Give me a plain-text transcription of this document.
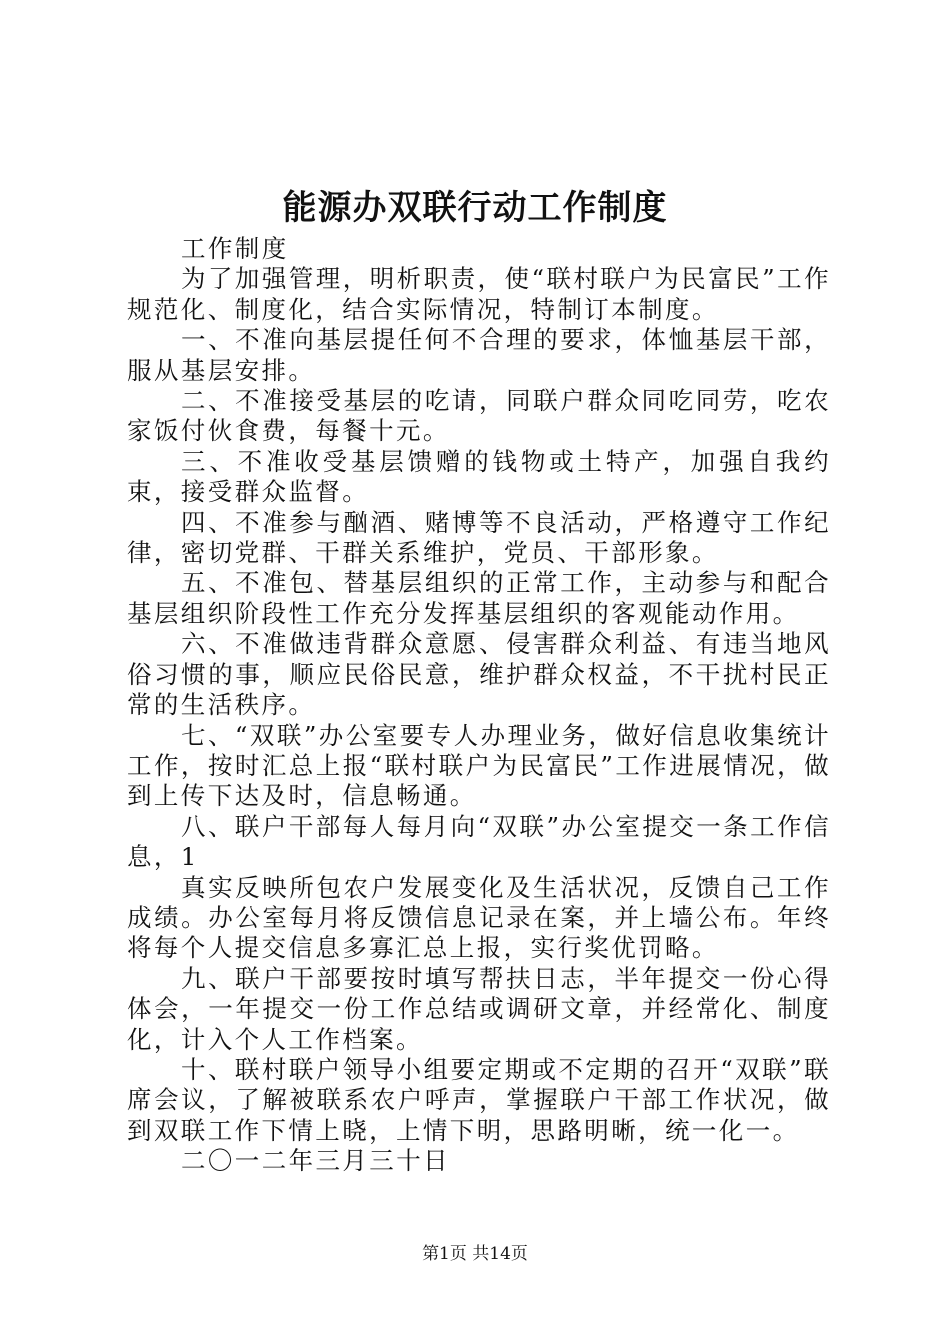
能源办双联行动工作制度

工作制度

为了加强管理，明析职责，使“联村联户为民富民”工作规范化、制度化，结合实际情况，特制订本制度。

一、不准向基层提任何不合理的要求，体恤基层干部，服从基层安排。

二、不准接受基层的吃请，同联户群众同吃同劳，吃农家饭付伙食费，每餐十元。

三、不准收受基层馈赠的钱物或土特产，加强自我约束，接受群众监督。

四、不准参与酗酒、赌博等不良活动，严格遵守工作纪律，密切党群、干群关系维护，党员、干部形象。

五、不准包、替基层组织的正常工作，主动参与和配合基层组织阶段性工作充分发挥基层组织的客观能动作用。

六、不准做违背群众意愿、侵害群众利益、有违当地风俗习惯的事，顺应民俗民意，维护群众权益，不干扰村民正常的生活秩序。

七、“双联”办公室要专人办理业务，做好信息收集统计工作，按时汇总上报“联村联户为民富民”工作进展情况，做到上传下达及时，信息畅通。

八、联户干部每人每月向“双联”办公室提交一条工作信息，1

真实反映所包农户发展变化及生活状况，反馈自己工作成绩。办公室每月将反馈信息记录在案，并上墙公布。年终将每个人提交信息多寡汇总上报，实行奖优罚略。

九、联户干部要按时填写帮扶日志，半年提交一份心得体会，一年提交一份工作总结或调研文章，并经常化、制度化，计入个人工作档案。

十、联村联户领导小组要定期或不定期的召开“双联”联席会议，了解被联系农户呼声，掌握联户干部工作状况，做到双联工作下情上晓，上情下明，思路明晰，统一化一。

二〇一二年三月三十日

第1页 共14页
